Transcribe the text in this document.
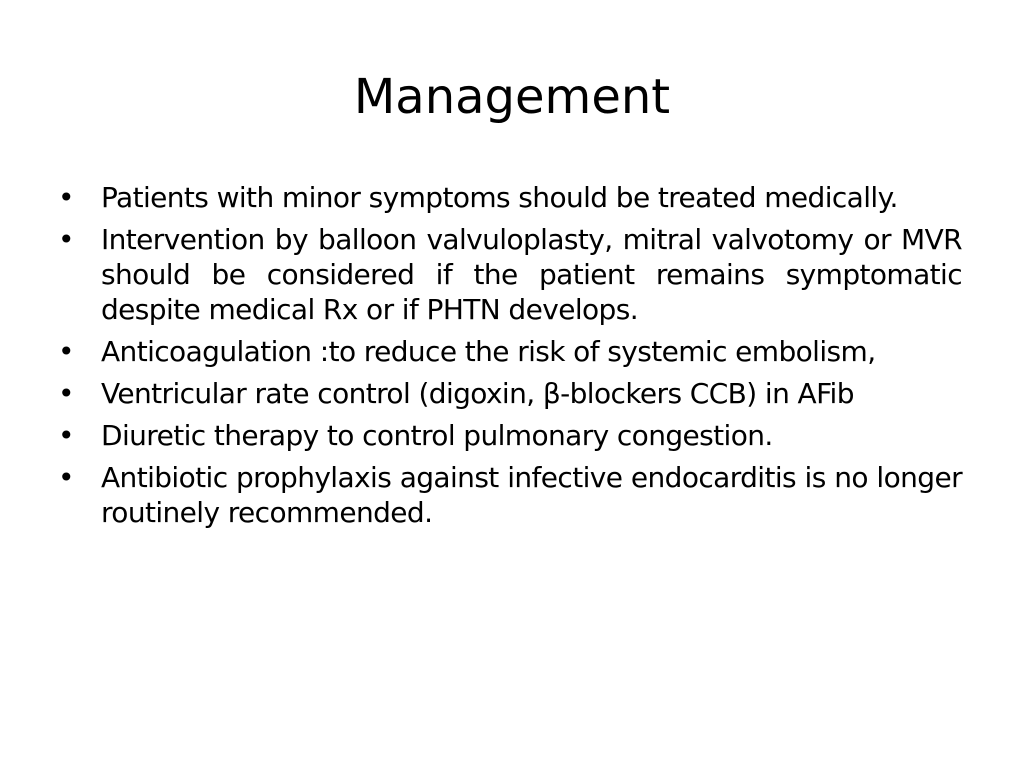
Management
• Patients with minor symptoms should be treated medically.
• Intervention by balloon valvuloplasty, mitral valvotomy or MVR should be considered if the patient remains symptomatic despite medical Rx or if PHTN develops.
• Anticoagulation :to reduce the risk of systemic embolism,
• Ventricular rate control (digoxin, β-blockers CCB) in AFib
• Diuretic therapy to control pulmonary congestion.
• Antibiotic prophylaxis against infective endocarditis is no longer routinely recommended.
